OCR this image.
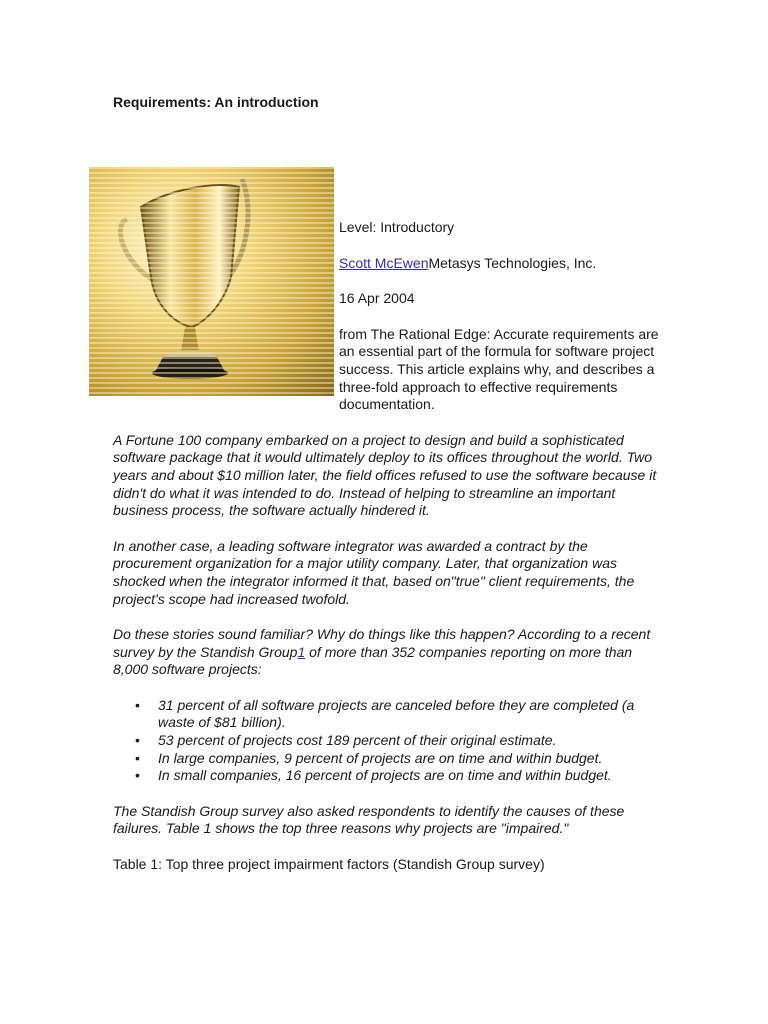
Requirements: An introduction

Level: Introductory

Scott McEwenMetasys Technologies, Inc.

16 Apr 2004

from The Rational Edge: Accurate requirements are an essential part of the formula for software project success. This article explains why, and describes a three-fold approach to effective requirements documentation.

A Fortune 100 company embarked on a project to design and build a sophisticated software package that it would ultimately deploy to its offices throughout the world. Two years and about $10 million later, the field offices refused to use the software because it didn't do what it was intended to do. Instead of helping to streamline an important business process, the software actually hindered it.

In another case, a leading software integrator was awarded a contract by the procurement organization for a major utility company. Later, that organization was shocked when the integrator informed it that, based on"true" client requirements, the project's scope had increased twofold.

Do these stories sound familiar? Why do things like this happen? According to a recent survey by the Standish Group1 of more than 352 companies reporting on more than 8,000 software projects:

• 31 percent of all software projects are canceled before they are completed (a waste of $81 billion).
• 53 percent of projects cost 189 percent of their original estimate.
• In large companies, 9 percent of projects are on time and within budget.
• In small companies, 16 percent of projects are on time and within budget.

The Standish Group survey also asked respondents to identify the causes of these failures. Table 1 shows the top three reasons why projects are "impaired."

Table 1: Top three project impairment factors (Standish Group survey)
